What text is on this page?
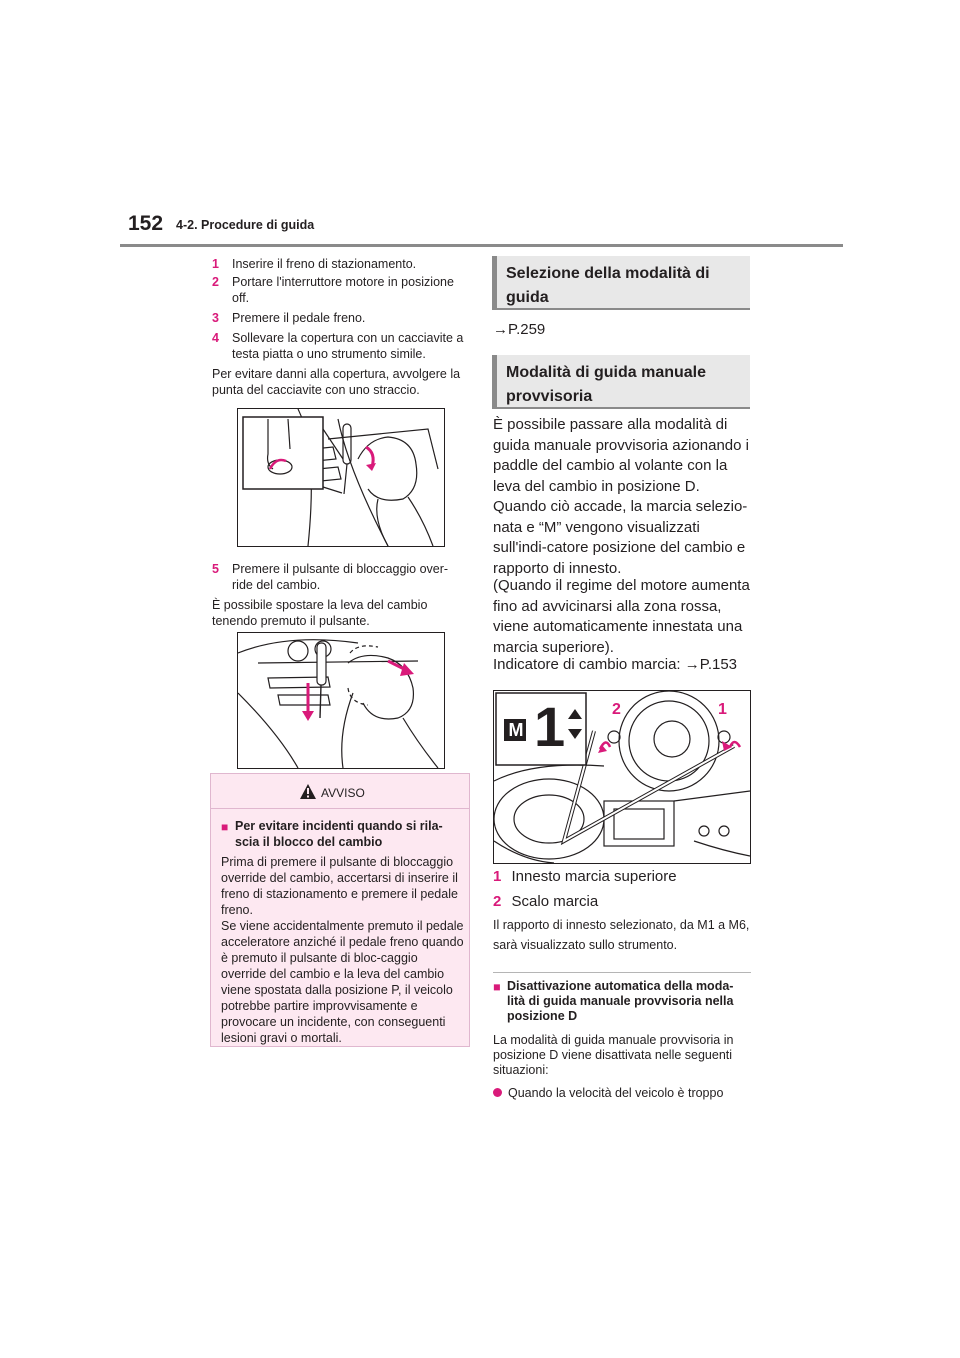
152 4-2. Procedure di guida
1 Inserire il freno di stazionamento.
2 Portare l'interruttore motore in posizione off.
3 Premere il pedale freno.
4 Sollevare la copertura con un cacciavite a testa piatta o uno strumento simile.
Per evitare danni alla copertura, avvolgere la punta del cacciavite con uno straccio.
5 Premere il pulsante di bloccaggio over-ride del cambio.
È possibile spostare la leva del cambio tenendo premuto il pulsante.
AVVISO
■ Per evitare incidenti quando si rila-scia il blocco del cambio
Prima di premere il pulsante di bloccaggio override del cambio, accertarsi di inserire il freno di stazionamento e premere il pedale freno.
Se viene accidentalmente premuto il pedale acceleratore anziché il pedale freno quando è premuto il pulsante di bloc-caggio override del cambio e la leva del cambio viene spostata dalla posizione P, il veicolo potrebbe partire improvvisamente e provocare un incidente, con conseguenti lesioni gravi o mortali.
Selezione della modalità di guida
→P.259
Modalità di guida manuale provvisoria
È possibile passare alla modalità di guida manuale provvisoria azionando i paddle del cambio al volante con la leva del cambio in posizione D.
Quando ciò accade, la marcia selezio-nata e “M” vengono visualizzati sull'indi-catore posizione del cambio e rapporto di innesto.
(Quando il regime del motore aumenta fino ad avvicinarsi alla zona rossa, viene automaticamente innestata una marcia superiore).
Indicatore di cambio marcia: →P.153
M 1	2	1
1 Innesto marcia superiore
2 Scalo marcia
Il rapporto di innesto selezionato, da M1 a M6, sarà visualizzato sullo strumento.
■ Disattivazione automatica della moda-lità di guida manuale provvisoria nella posizione D
La modalità di guida manuale provvisoria in posizione D viene disattivata nelle seguenti situazioni:
Quando la velocità del veicolo è troppo
